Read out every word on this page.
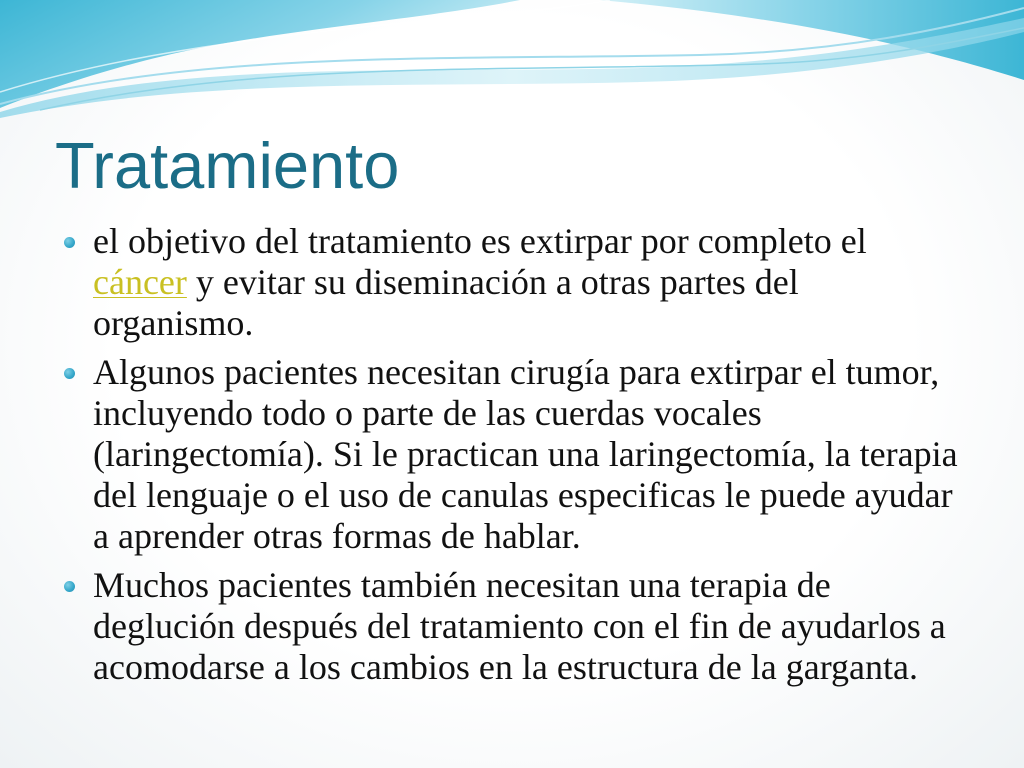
Tratamiento
el objetivo del tratamiento es extirpar por completo el cáncer y evitar su diseminación a otras partes del organismo.
Algunos pacientes necesitan cirugía para extirpar el tumor, incluyendo todo o parte de las cuerdas vocales (laringectomía). Si le practican una laringectomía, la terapia del lenguaje o el uso de canulas especificas le puede ayudar a aprender otras formas de hablar.
Muchos pacientes también necesitan una terapia de deglución después del tratamiento con el fin de ayudarlos a acomodarse a los cambios en la estructura de la garganta.
